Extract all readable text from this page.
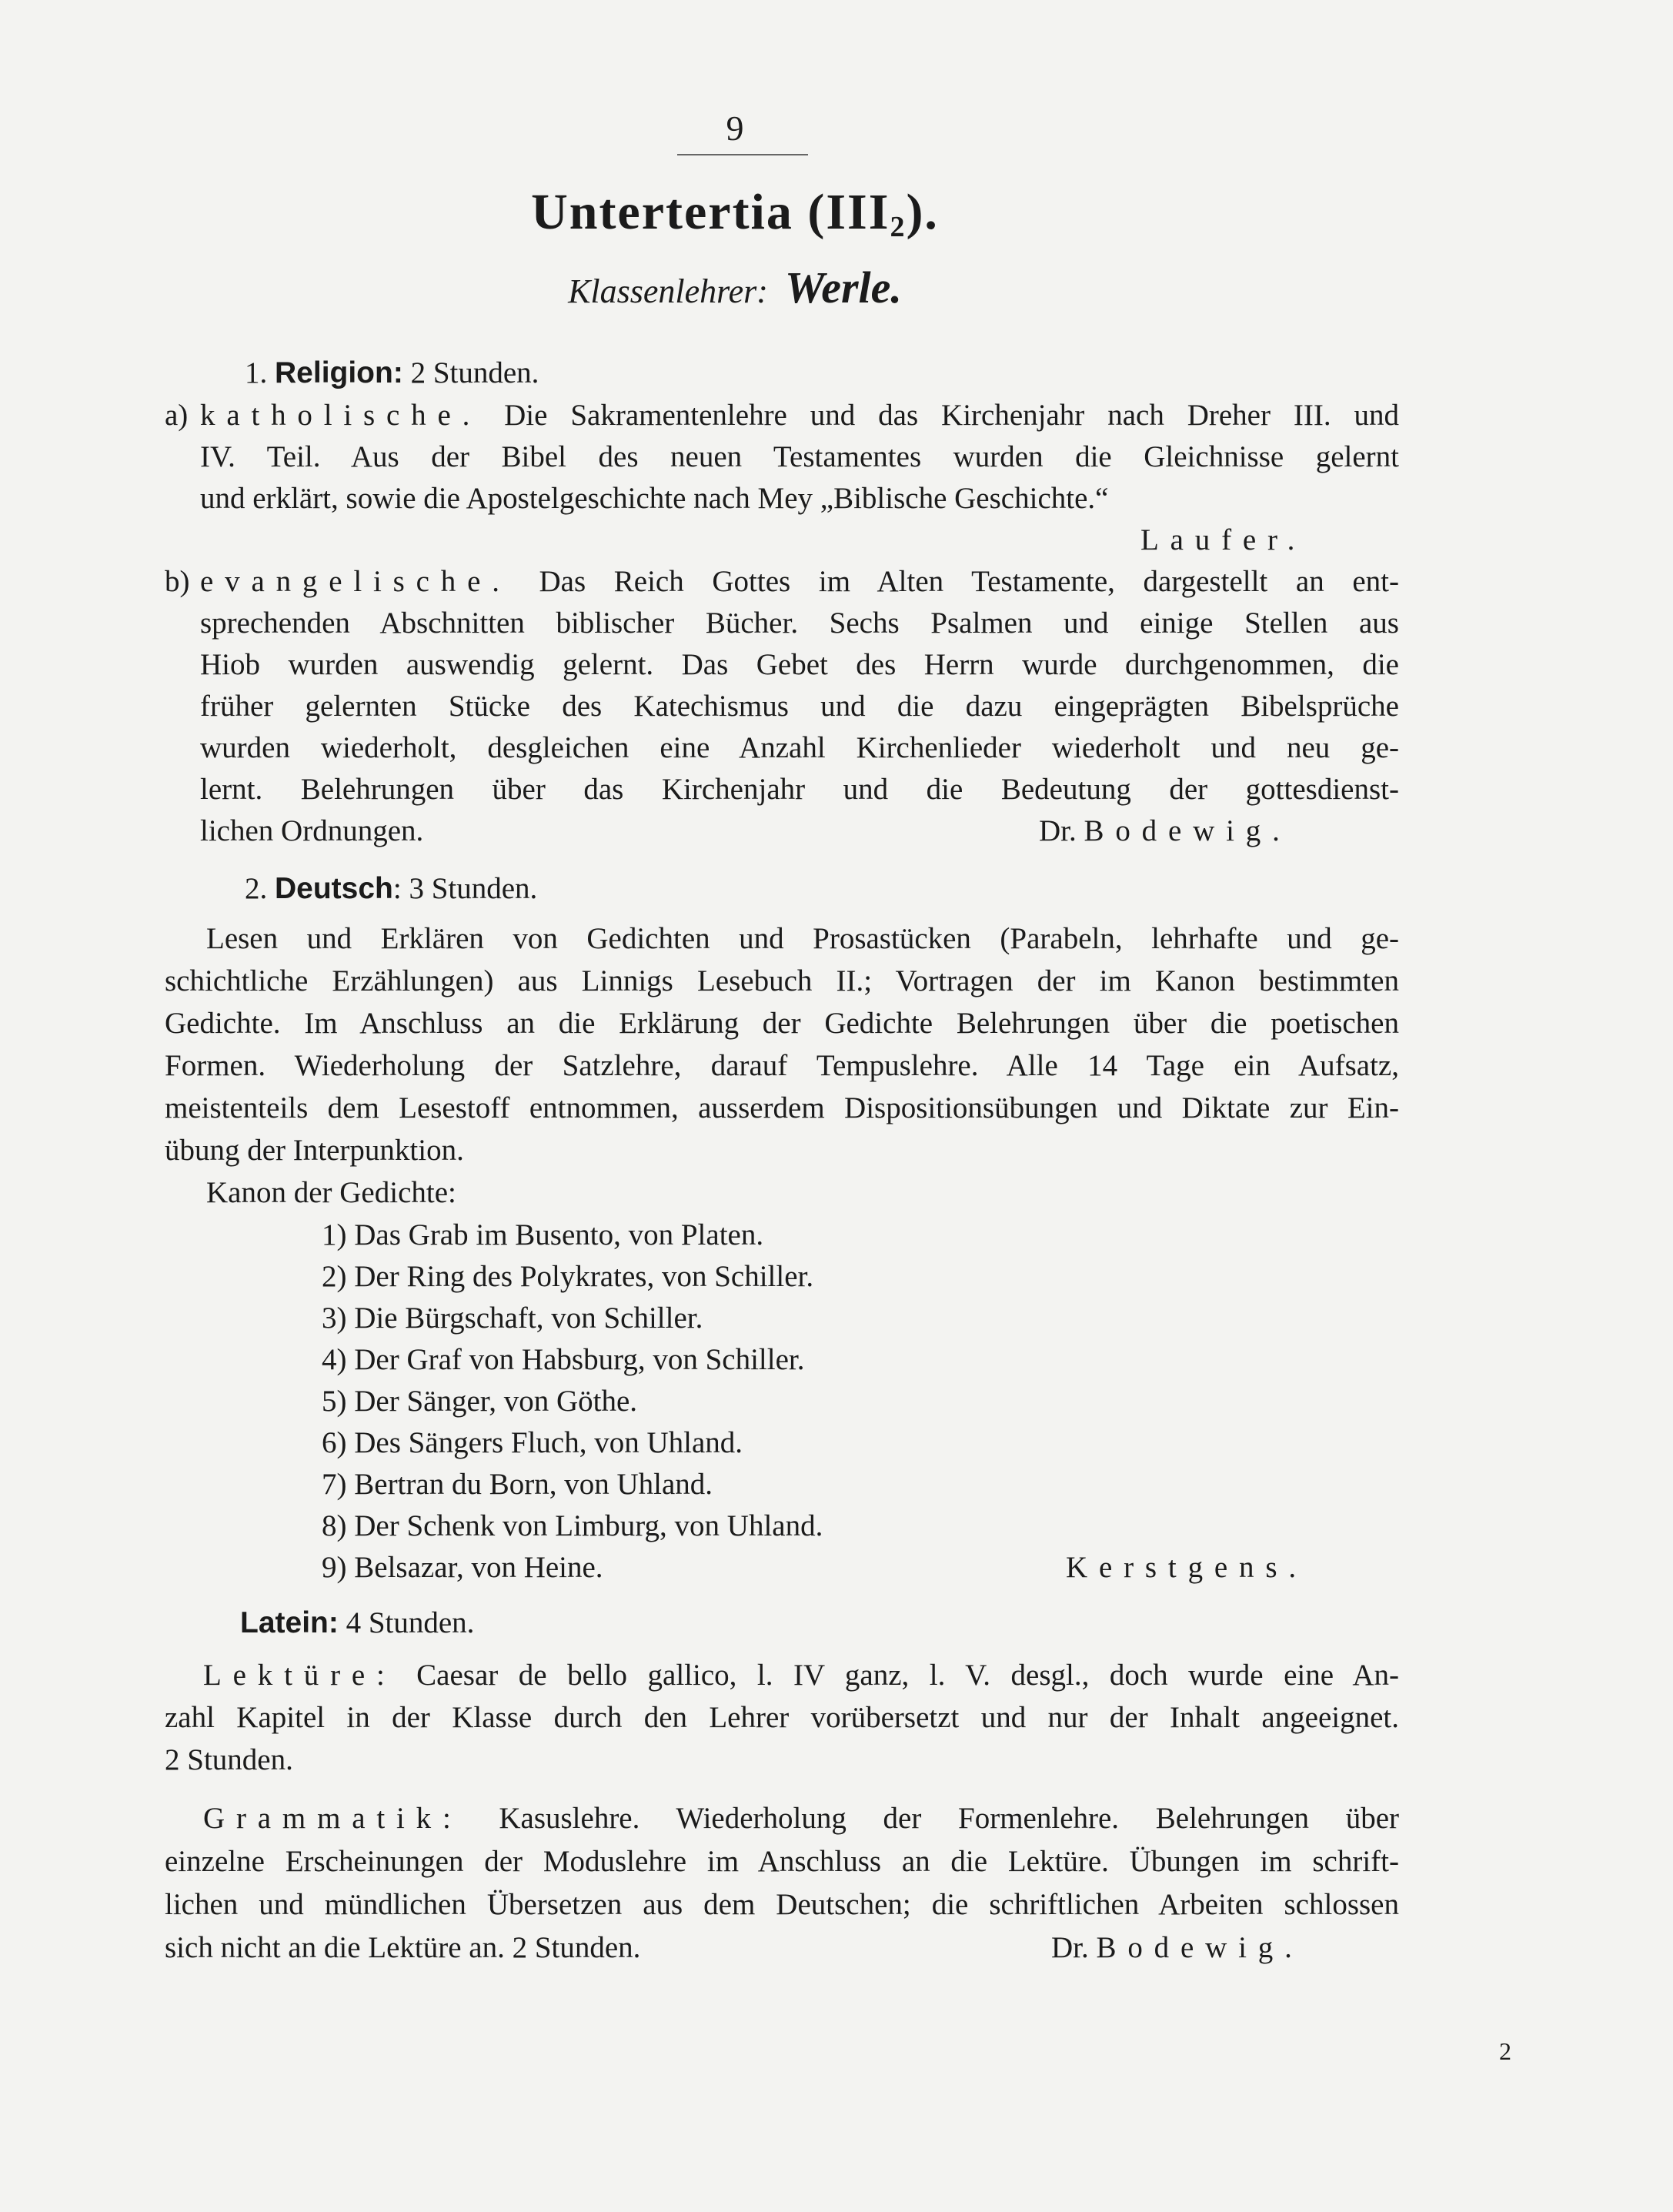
9
Untertertia $(III_2)$.
Klassenlehrer: Werle.
1. Religion: 2 Stunden.
a) katholische. Die Sakramentenlehre und das Kirchenjahr nach Dreher III. und
IV. Teil. Aus der Bibel des neuen Testamentes wurden die Gleichnisse gelernt
und erklärt, sowie die Apostelgeschichte nach Mey „Biblische Geschichte.“
Laufer.
b) evangelische. Das Reich Gottes im Alten Testamente, dargestellt an ent-
sprechenden Abschnitten biblischer Bücher. Sechs Psalmen und einige Stellen aus
Hiob wurden auswendig gelernt. Das Gebet des Herrn wurde durchgenommen, die
früher gelernten Stücke des Katechismus und die dazu eingeprägten Bibelsprüche
wurden wiederholt, desgleichen eine Anzahl Kirchenlieder wiederholt und neu ge-
lernt. Belehrungen über das Kirchenjahr und die Bedeutung der gottesdienst-
lichen Ordnungen.	Dr. Bodewig.
2. Deutsch: 3 Stunden.
Lesen und Erklären von Gedichten und Prosastücken (Parabeln, lehrhafte und ge-
schichtliche Erzählungen) aus Linnigs Lesebuch II.; Vortragen der im Kanon bestimmten
Gedichte. Im Anschluss an die Erklärung der Gedichte Belehrungen über die poetischen
Formen. Wiederholung der Satzlehre, darauf Tempuslehre. Alle 14 Tage ein Aufsatz,
meistenteils dem Lesestoff entnommen, ausserdem Dispositionsübungen und Diktate zur Ein-
übung der Interpunktion.
Kanon der Gedichte:
1) Das Grab im Busento, von Platen.
2) Der Ring des Polykrates, von Schiller.
3) Die Bürgschaft, von Schiller.
4) Der Graf von Habsburg, von Schiller.
5) Der Sänger, von Göthe.
6) Des Sängers Fluch, von Uhland.
7) Bertran du Born, von Uhland.
8) Der Schenk von Limburg, von Uhland.
9) Belsazar, von Heine.	Kerstgens.
Latein: 4 Stunden.
Lektüre: Caesar de bello gallico, l. IV ganz, l. V. desgl., doch wurde eine An-
zahl Kapitel in der Klasse durch den Lehrer vorübersetzt und nur der Inhalt angeeignet.
2 Stunden.
Grammatik: Kasuslehre. Wiederholung der Formenlehre. Belehrungen über
einzelne Erscheinungen der Moduslehre im Anschluss an die Lektüre. Übungen im schrift-
lichen und mündlichen Übersetzen aus dem Deutschen; die schriftlichen Arbeiten schlossen
sich nicht an die Lektüre an. 2 Stunden.	Dr. Bodewig.
2
